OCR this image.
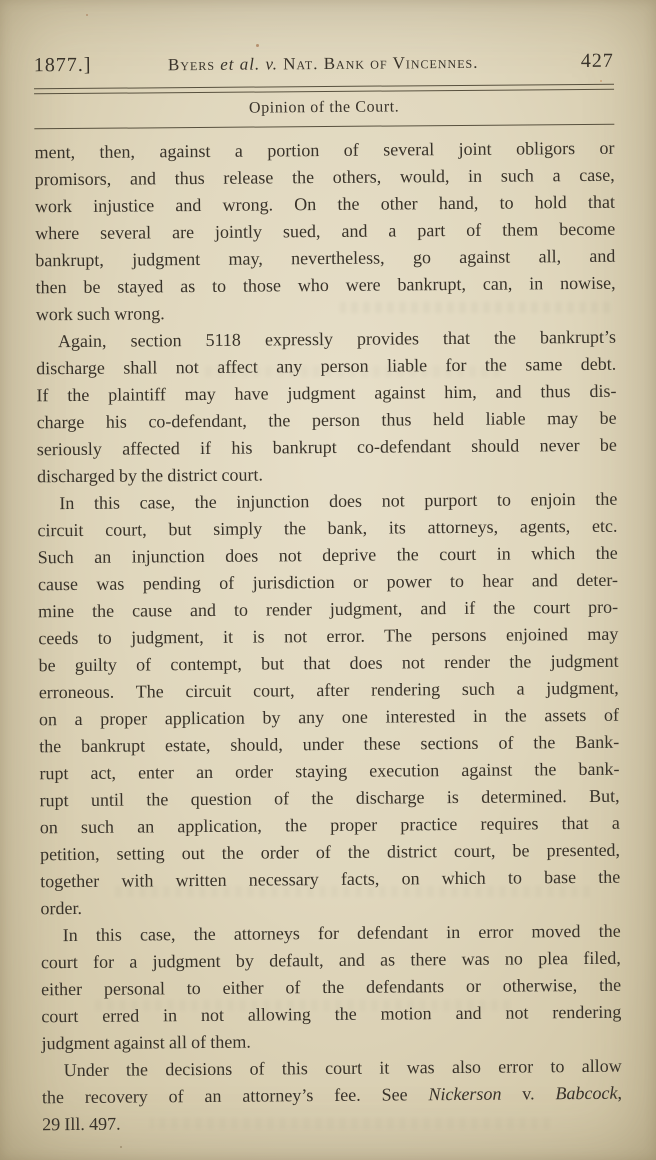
1877.]	Byers et al. v. Nat. Bank of Vincennes.	427
Opinion of the Court.
ment, then, against a portion of several joint obligors or
promisors, and thus release the others, would, in such a case,
work injustice and wrong. On the other hand, to hold that
where several are jointly sued, and a part of them become
bankrupt, judgment may, nevertheless, go against all, and
then be stayed as to those who were bankrupt, can, in nowise,
work such wrong.
Again, section 5118 expressly provides that the bankrupt’s
discharge shall not affect any person liable for the same debt.
If the plaintiff may have judgment against him, and thus dis-
charge his co-defendant, the person thus held liable may be
seriously affected if his bankrupt co-defendant should never be
discharged by the district court.
In this case, the injunction does not purport to enjoin the
circuit court, but simply the bank, its attorneys, agents, etc.
Such an injunction does not deprive the court in which the
cause was pending of jurisdiction or power to hear and deter-
mine the cause and to render judgment, and if the court pro-
ceeds to judgment, it is not error. The persons enjoined may
be guilty of contempt, but that does not render the judgment
erroneous. The circuit court, after rendering such a judgment,
on a proper application by any one interested in the assets of
the bankrupt estate, should, under these sections of the Bank-
rupt act, enter an order staying execution against the bank-
rupt until the question of the discharge is determined. But,
on such an application, the proper practice requires that a
petition, setting out the order of the district court, be presented,
together with written necessary facts, on which to base the
order.
In this case, the attorneys for defendant in error moved the
court for a judgment by default, and as there was no plea filed,
either personal to either of the defendants or otherwise, the
court erred in not allowing the motion and not rendering
judgment against all of them.
Under the decisions of this court it was also error to allow
the recovery of an attorney’s fee. See Nickerson v. Babcock,
29 Ill. 497.
